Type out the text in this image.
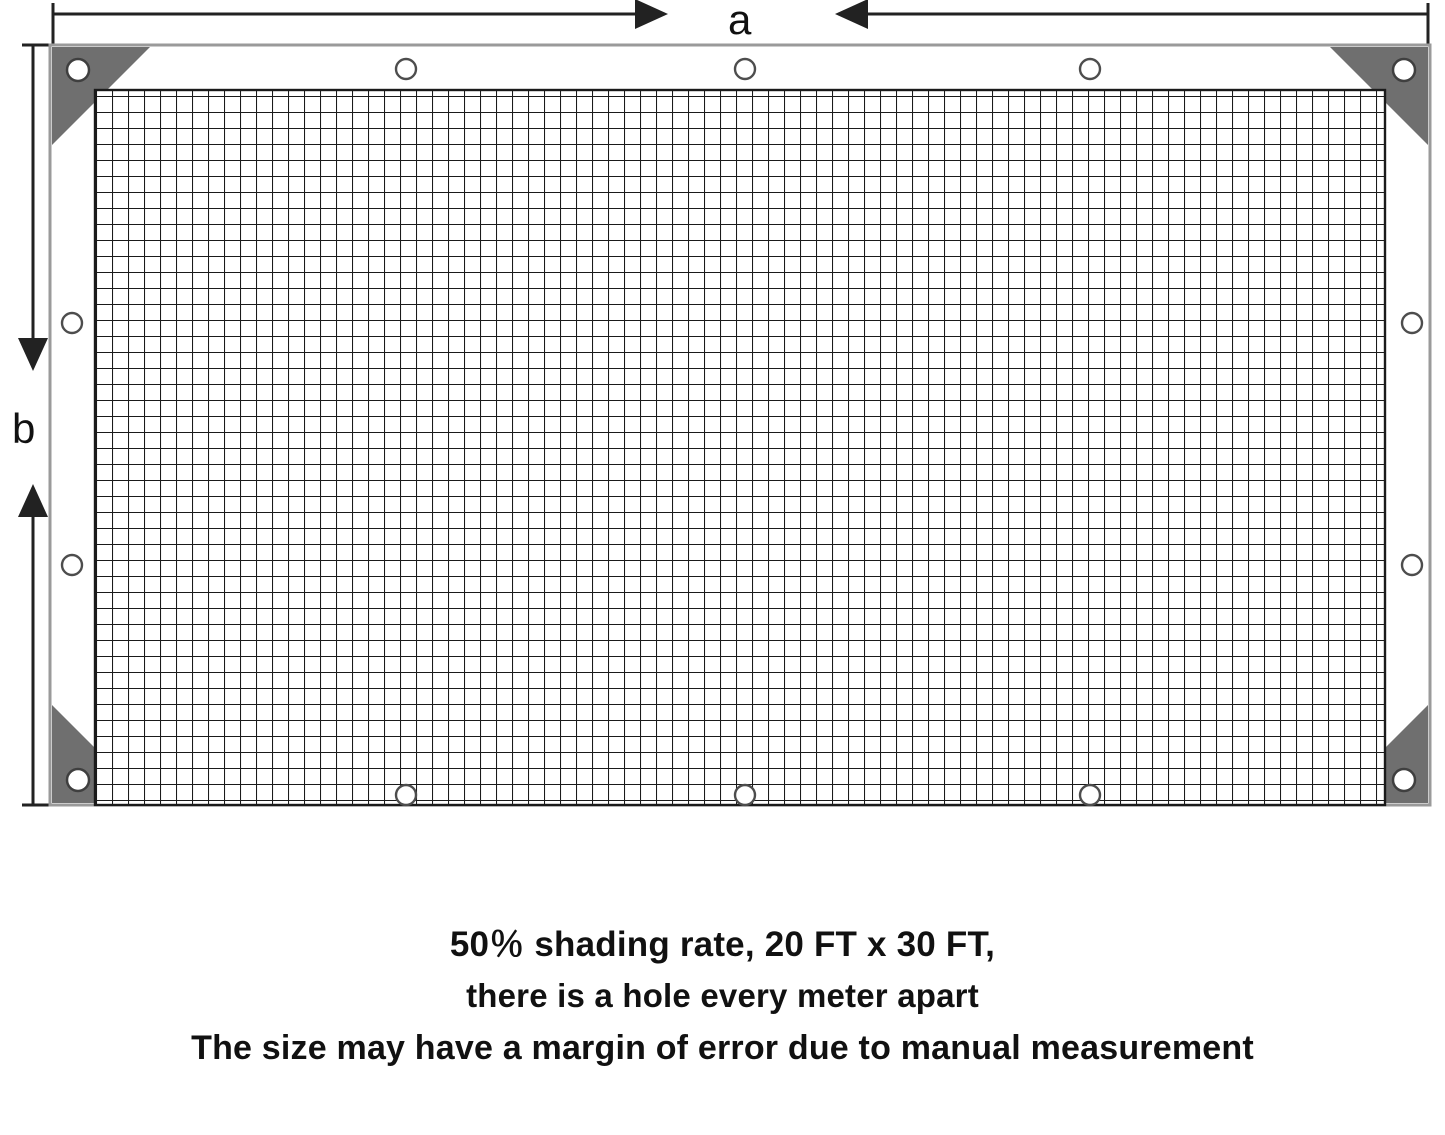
a
b
50％ shading rate, 20 FT x 30 FT,
there is a hole every meter apart
The size may have a margin of error due to manual measurement
